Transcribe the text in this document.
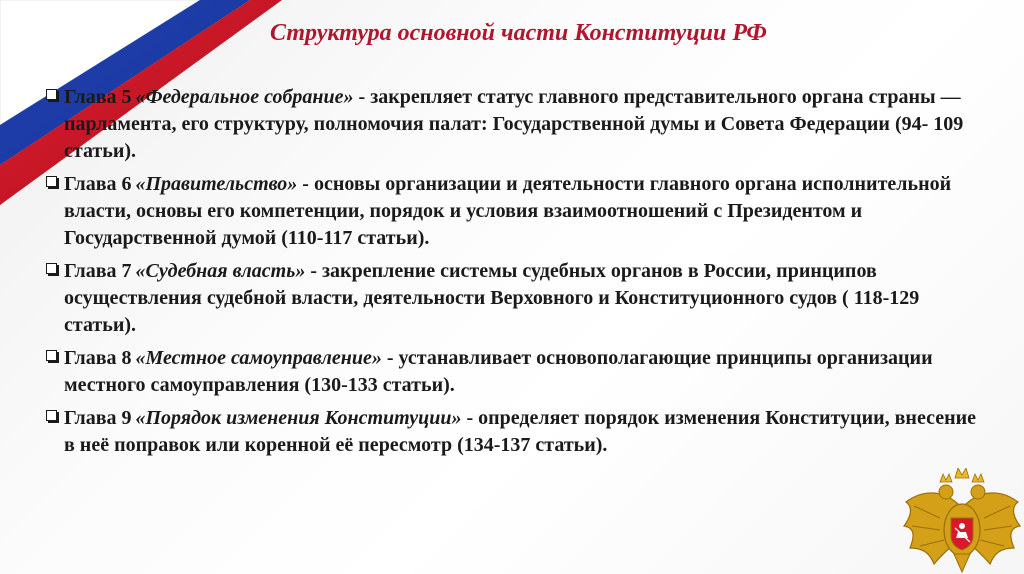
Структура основной части Конституции РФ
Глава 5 «Федеральное собрание» - закрепляет статус главного представительного органа страны — парламента, его структуру, полномочия палат: Государственной думы и Совета Федерации (94- 109 статьи).
Глава 6 «Правительство» - основы организации и деятельности главного органа исполнительной власти, основы его компетенции, порядок и условия взаимоотношений с Президентом и Государственной думой (110-117 статьи).
Глава 7 «Судебная власть» - закрепление системы судебных органов в России, принципов осуществления судебной власти, деятельности Верховного и Конституционного судов ( 118-129 статьи).
Глава 8 «Местное самоуправление» - устанавливает основополагающие принципы организации местного самоуправления (130-133 статьи).
Глава 9 «Порядок изменения Конституции» - определяет порядок изменения Конституции, внесение в неё поправок или коренной её пересмотр (134-137 статьи).
